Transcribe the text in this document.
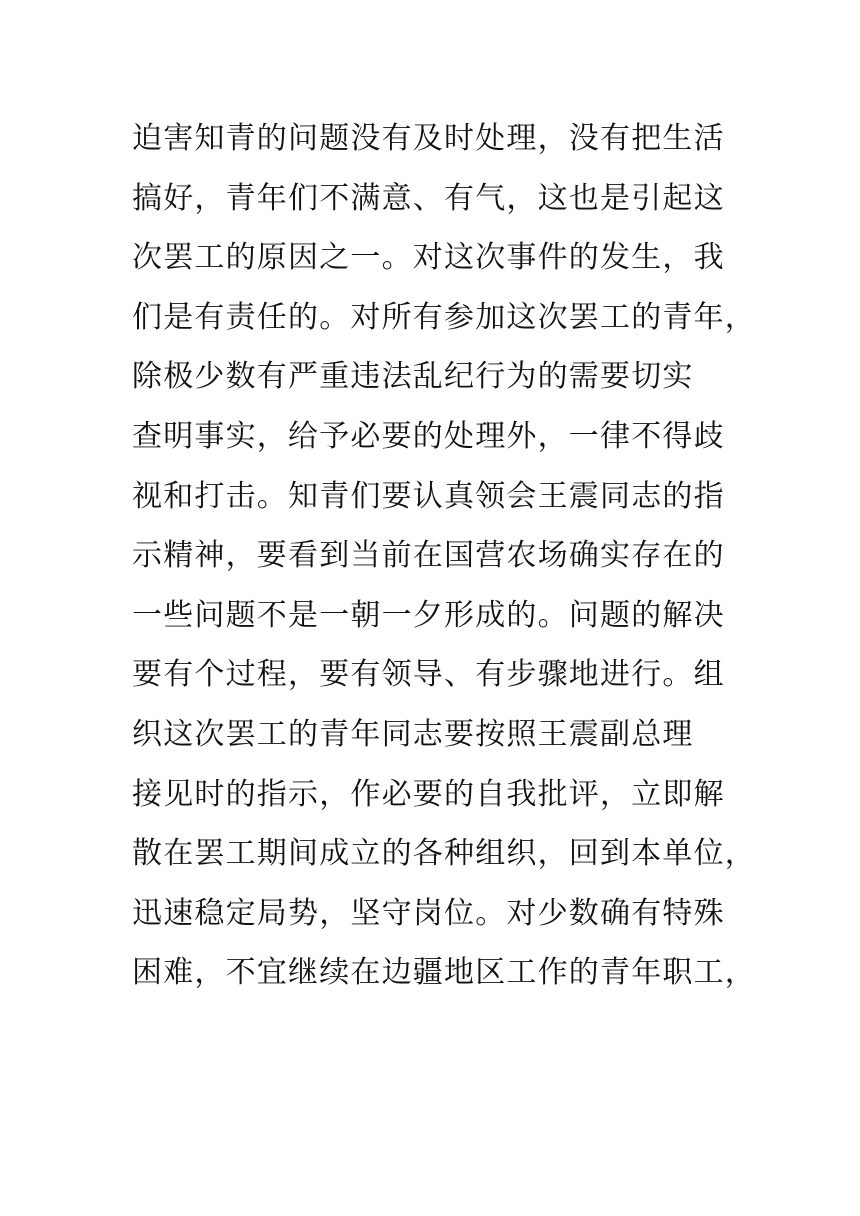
迫害知青的问题没有及时处理，没有把生活
搞好，青年们不满意、有气，这也是引起这
次罢工的原因之一。对这次事件的发生，我
们是有责任的。对所有参加这次罢工的青年，
除极少数有严重违法乱纪行为的需要切实
查明事实，给予必要的处理外，一律不得歧
视和打击。知青们要认真领会王震同志的指
示精神，要看到当前在国营农场确实存在的
一些问题不是一朝一夕形成的。问题的解决
要有个过程，要有领导、有步骤地进行。组
织这次罢工的青年同志要按照王震副总理
接见时的指示，作必要的自我批评，立即解
散在罢工期间成立的各种组织，回到本单位，
迅速稳定局势，坚守岗位。对少数确有特殊
困难，不宜继续在边疆地区工作的青年职工，
